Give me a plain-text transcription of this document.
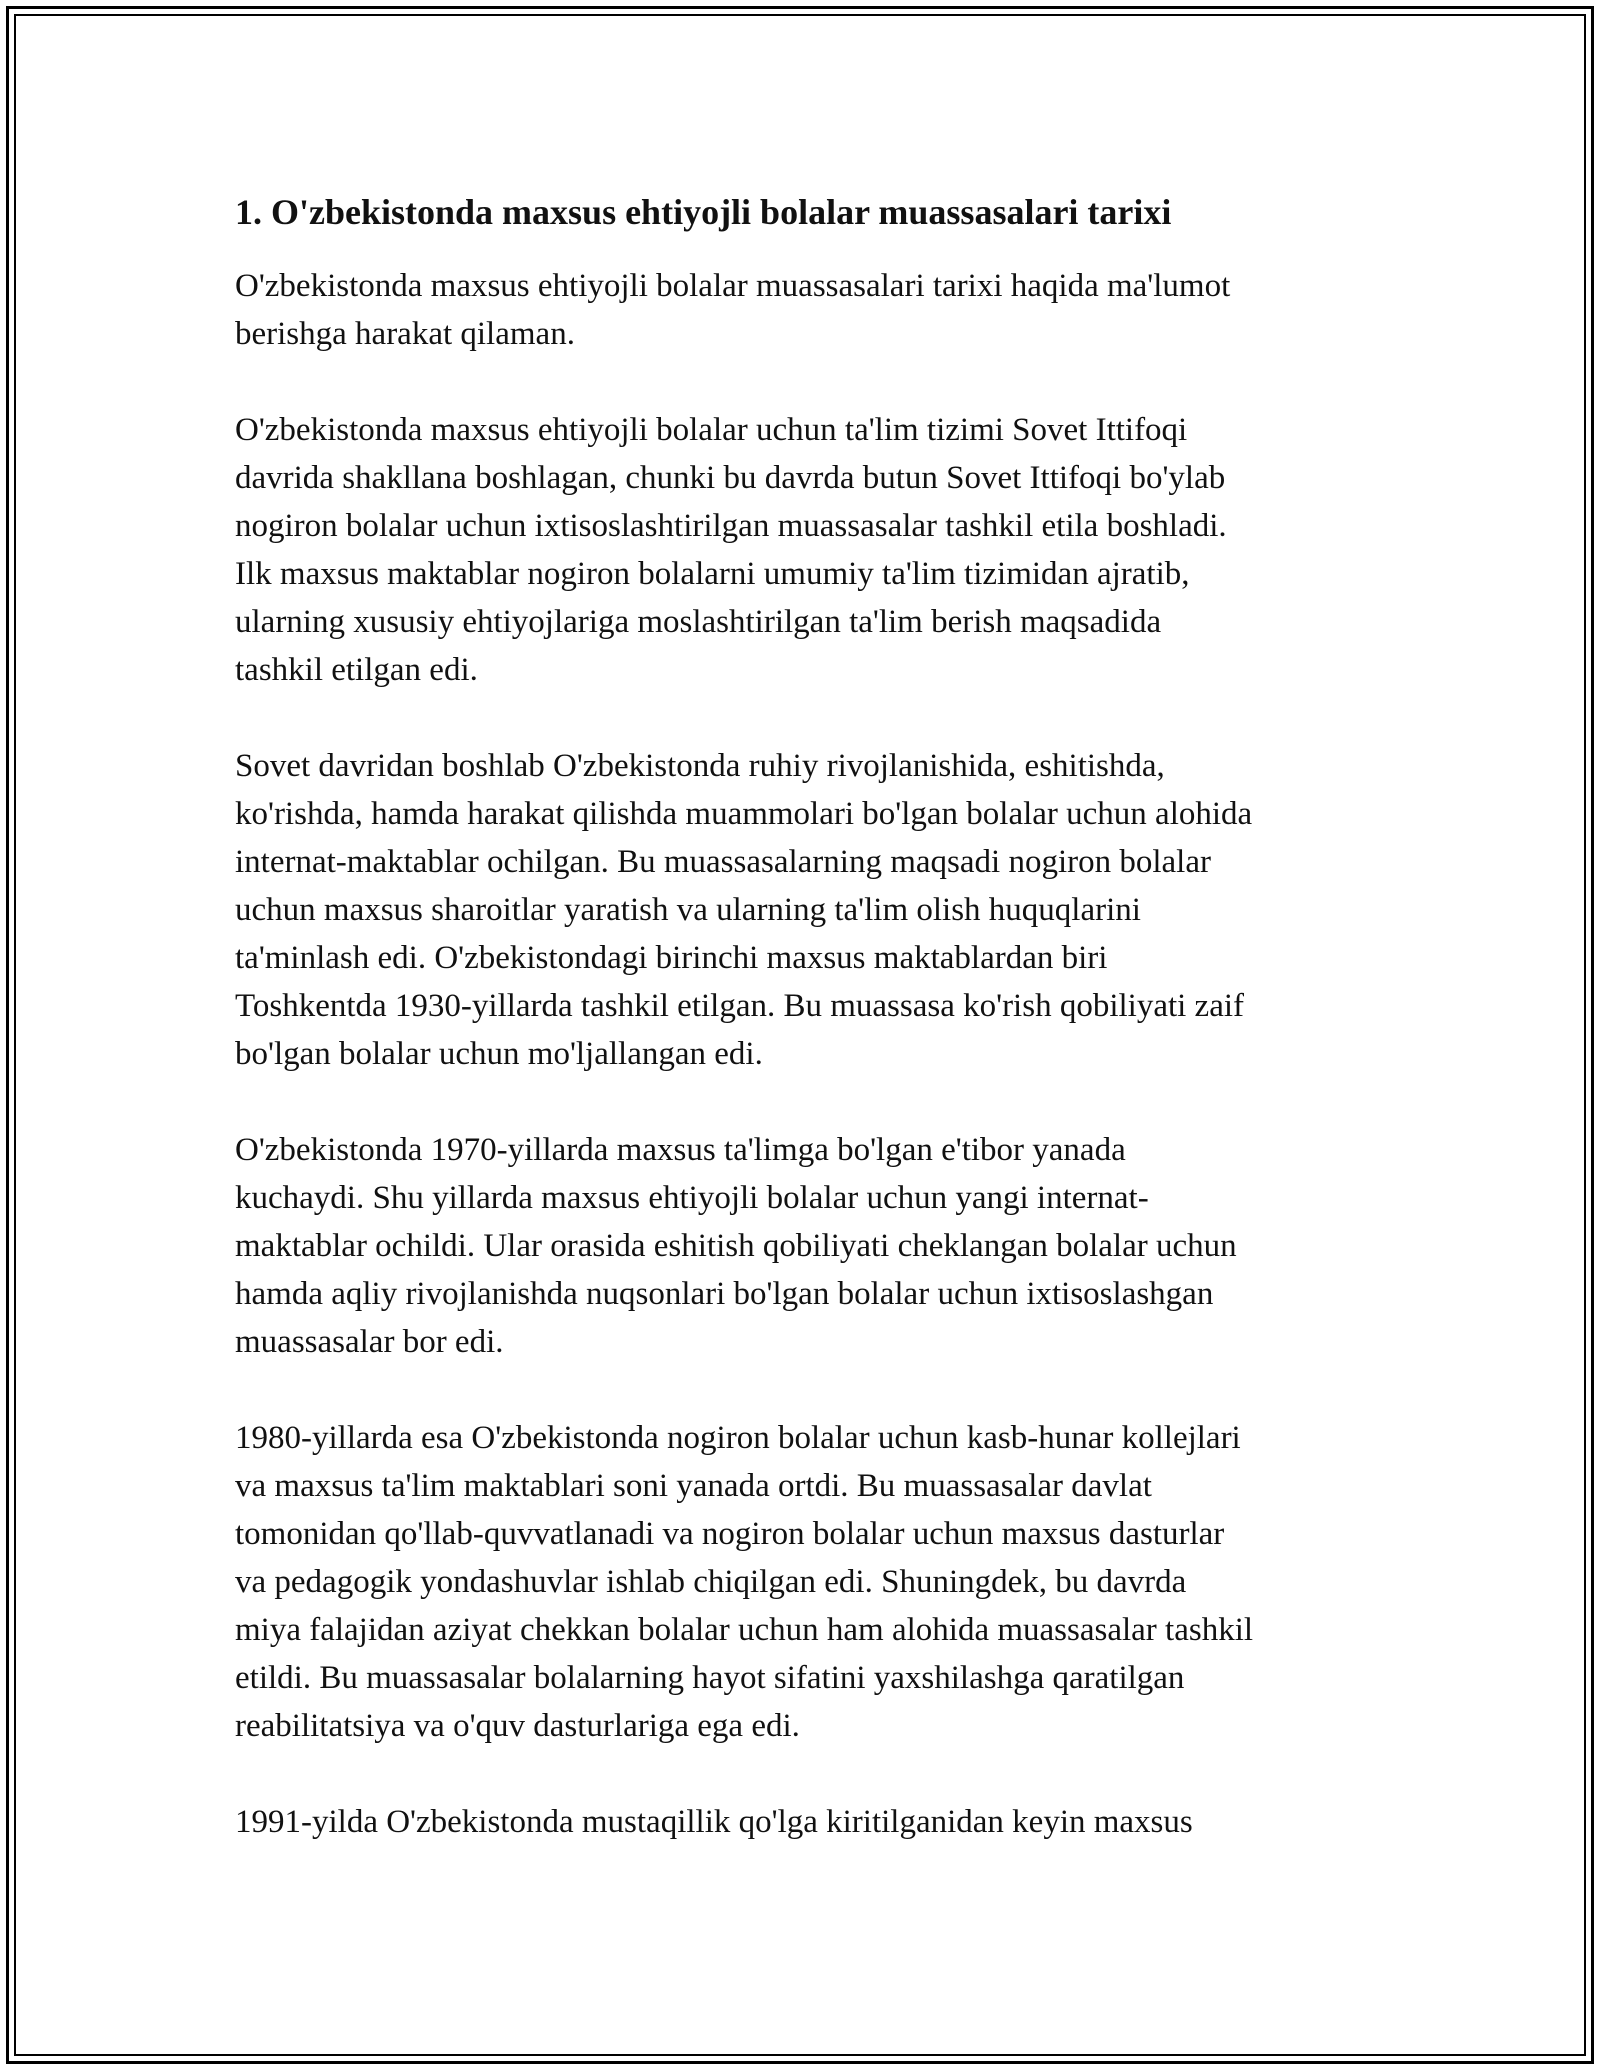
1. O'zbekistonda maxsus ehtiyojli bolalar muassasalari tarixi

O'zbekistonda maxsus ehtiyojli bolalar muassasalari tarixi haqida ma'lumot
berishga harakat qilaman.

O'zbekistonda maxsus ehtiyojli bolalar uchun ta'lim tizimi Sovet Ittifoqi
davrida shakllana boshlagan, chunki bu davrda butun Sovet Ittifoqi bo'ylab
nogiron bolalar uchun ixtisoslashtirilgan muassasalar tashkil etila boshladi.
Ilk maxsus maktablar nogiron bolalarni umumiy ta'lim tizimidan ajratib,
ularning xususiy ehtiyojlariga moslashtirilgan ta'lim berish maqsadida
tashkil etilgan edi.

Sovet davridan boshlab O'zbekistonda ruhiy rivojlanishida, eshitishda,
ko'rishda, hamda harakat qilishda muammolari bo'lgan bolalar uchun alohida
internat-maktablar ochilgan. Bu muassasalarning maqsadi nogiron bolalar
uchun maxsus sharoitlar yaratish va ularning ta'lim olish huquqlarini
ta'minlash edi. O'zbekistondagi birinchi maxsus maktablardan biri
Toshkentda 1930-yillarda tashkil etilgan. Bu muassasa ko'rish qobiliyati zaif
bo'lgan bolalar uchun mo'ljallangan edi.

O'zbekistonda 1970-yillarda maxsus ta'limga bo'lgan e'tibor yanada
kuchaydi. Shu yillarda maxsus ehtiyojli bolalar uchun yangi internat-
maktablar ochildi. Ular orasida eshitish qobiliyati cheklangan bolalar uchun
hamda aqliy rivojlanishda nuqsonlari bo'lgan bolalar uchun ixtisoslashgan
muassasalar bor edi.

1980-yillarda esa O'zbekistonda nogiron bolalar uchun kasb-hunar kollejlari
va maxsus ta'lim maktablari soni yanada ortdi. Bu muassasalar davlat
tomonidan qo'llab-quvvatlanadi va nogiron bolalar uchun maxsus dasturlar
va pedagogik yondashuvlar ishlab chiqilgan edi. Shuningdek, bu davrda
miya falajidan aziyat chekkan bolalar uchun ham alohida muassasalar tashkil
etildi. Bu muassasalar bolalarning hayot sifatini yaxshilashga qaratilgan
reabilitatsiya va o'quv dasturlariga ega edi.

1991-yilda O'zbekistonda mustaqillik qo'lga kiritilganidan keyin maxsus
